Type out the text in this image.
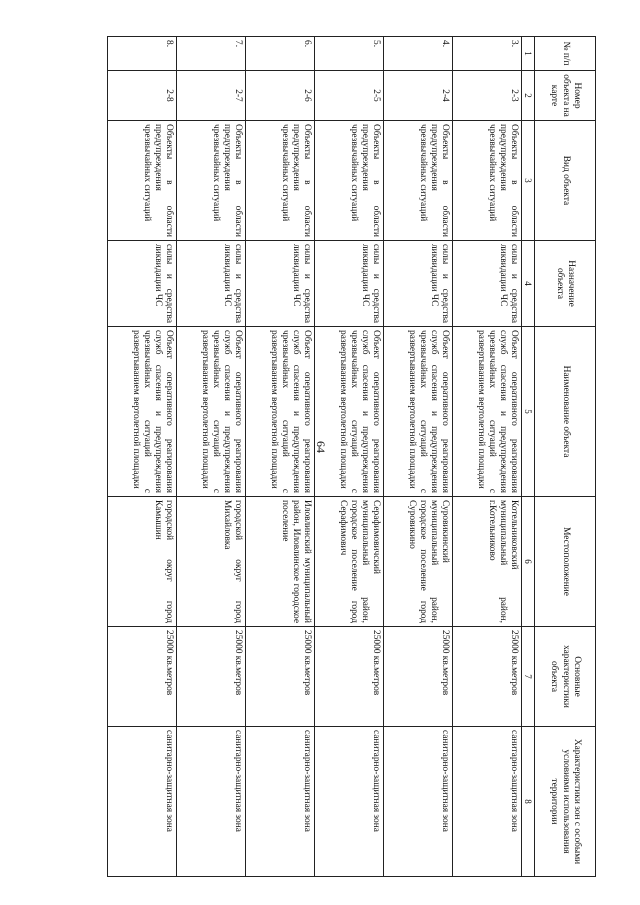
64
№ п/п	Номер объекта на карте	Вид объекта	Назначение объекта	Наименование объекта	Местоположение	Основные характеристики объекта	Характеристики зон с особыми условиями использования территории
1	2	3	4	5	6	7	8
3.	2-3	Объекты в области предупреждения чрезвычайных ситуаций	силы и средства ликвидации ЧС	Объект оперативного реагирования служб спасения и предупреждения чрезвычайных ситуаций с развертыванием вертолетной площадки	Котельниковский муниципальный район, г.Котельниково	25000 кв.метров	санитарно-защитная зона
4.	2-4	Объекты в области предупреждения чрезвычайных ситуаций	силы и средства ликвидации ЧС	Объект оперативного реагирования служб спасения и предупреждения чрезвычайных ситуаций с развертыванием вертолетной площадки	Суровикинский муниципальный район, городское поселение город Суровикино	25000 кв.метров	санитарно-защитная зона
5.	2-5	Объекты в области предупреждения чрезвычайных ситуаций	силы и средства ликвидации ЧС	Объект оперативного реагирования служб спасения и предупреждения чрезвычайных ситуаций с развертыванием вертолетной площадки	Серафимовичский муниципальный район, городское поселение город Серафимович	25000 кв.метров	санитарно-защитная зона
6.	2-6	Объекты в области предупреждения чрезвычайных ситуаций	силы и средства ликвидации ЧС	Объект оперативного реагирования служб спасения и предупреждения чрезвычайных ситуаций с развертыванием вертолетной площадки	Иловлинский муниципальный район, Иловлинское городское поселение	25000 кв.метров	санитарно-защитная зона
7.	2-7	Объекты в области предупреждения чрезвычайных ситуаций	силы и средства ликвидации ЧС	Объект оперативного реагирования служб спасения и предупреждения чрезвычайных ситуаций с развертыванием вертолетной площадки	городской округ город Михайловка	25000 кв.метров	санитарно-защитная зона
8.	2-8	Объекты в области предупреждения чрезвычайных ситуаций	силы и средства ликвидации ЧС	Объект оперативного реагирования служб спасения и предупреждения чрезвычайных ситуаций с развертыванием вертолетной площадки	городской округ город Камышин	25000 кв.метров	санитарно-защитная зона
